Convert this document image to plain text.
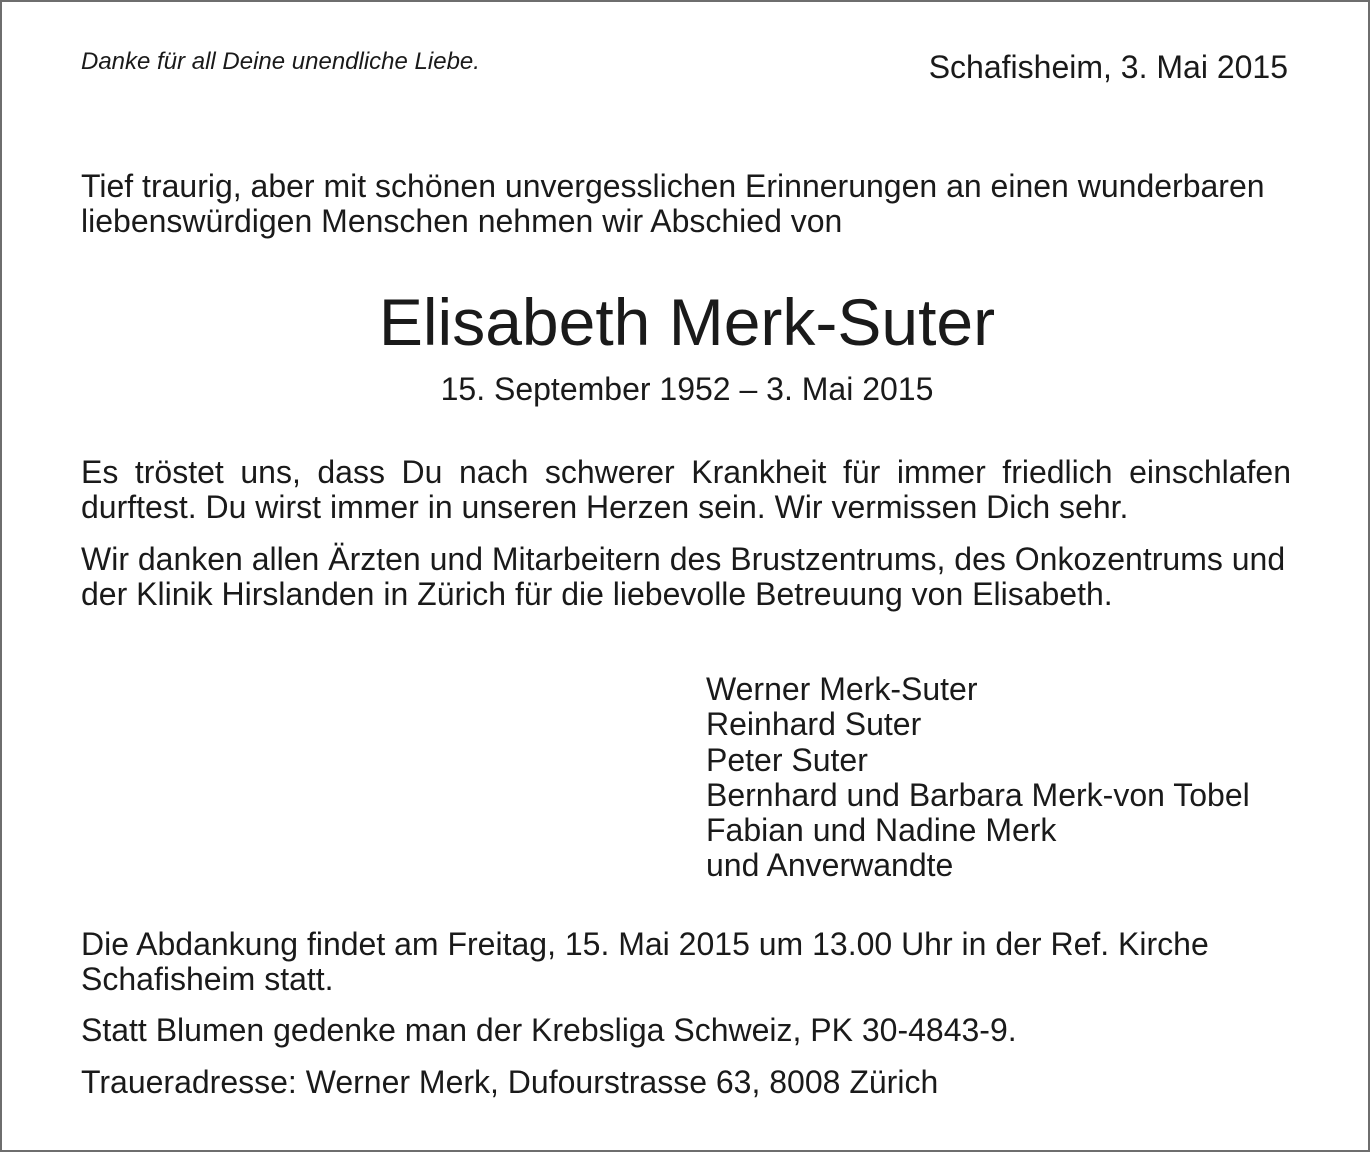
Danke für all Deine unendliche Liebe.	Schafisheim, 3. Mai 2015

Tief traurig, aber mit schönen unvergesslichen Erinnerungen an einen wunderbaren liebenswürdigen Menschen nehmen wir Abschied von

Elisabeth Merk-Suter
15. September 1952 – 3. Mai 2015

Es tröstet uns, dass Du nach schwerer Krankheit für immer friedlich einschlafen durftest. Du wirst immer in unseren Herzen sein. Wir vermissen Dich sehr.

Wir danken allen Ärzten und Mitarbeitern des Brustzentrums, des Onkozentrums und der Klinik Hirslanden in Zürich für die liebevolle Betreuung von Elisabeth.

Werner Merk-Suter
Reinhard Suter
Peter Suter
Bernhard und Barbara Merk-von Tobel
Fabian und Nadine Merk
und Anverwandte

Die Abdankung findet am Freitag, 15. Mai 2015 um 13.00 Uhr in der Ref. Kirche Schafisheim statt.

Statt Blumen gedenke man der Krebsliga Schweiz, PK 30-4843-9.

Traueradresse: Werner Merk, Dufourstrasse 63, 8008 Zürich
